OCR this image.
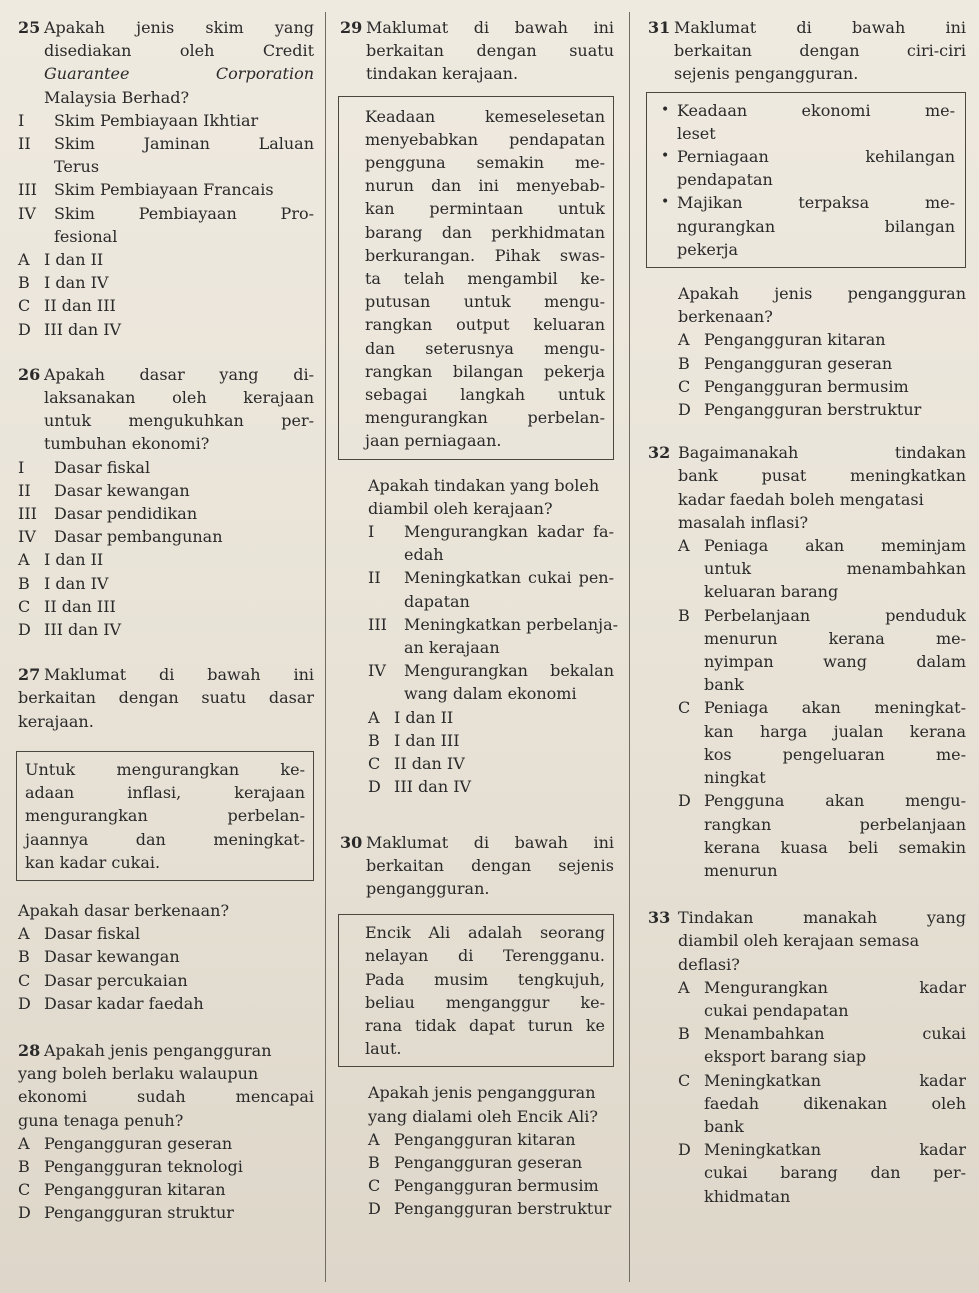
25 Apakah jenis skim yang
disediakan oleh Credit
Guarantee Corporation
Malaysia Berhad?
I Skim Pembiayaan Ikhtiar
II Skim Jaminan Laluan
Terus
III Skim Pembiayaan Francais
IV Skim Pembiayaan Pro-
fesional
A I dan II
B I dan IV
C II dan III
D III dan IV
26 Apakah dasar yang di-
laksanakan oleh kerajaan
untuk mengukuhkan per-
tumbuhan ekonomi?
I Dasar fiskal
II Dasar kewangan
III Dasar pendidikan
IV Dasar pembangunan
A I dan II
B I dan IV
C II dan III
D III dan IV
27 Maklumat di bawah ini
berkaitan dengan suatu dasar
kerajaan.
Untuk mengurangkan ke-
adaan inflasi, kerajaan
mengurangkan perbelan-
jaannya dan meningkat-
kan kadar cukai.
Apakah dasar berkenaan?
A Dasar fiskal
B Dasar kewangan
C Dasar percukaian
D Dasar kadar faedah
28 Apakah jenis pengangguran
yang boleh berlaku walaupun
ekonomi sudah mencapai
guna tenaga penuh?
A Pengangguran geseran
B Pengangguran teknologi
C Pengangguran kitaran
D Pengangguran struktur
29 Maklumat di bawah ini
berkaitan dengan suatu
tindakan kerajaan.
Keadaan kemeselesetan
menyebabkan pendapatan
pengguna semakin me-
nurun dan ini menyebab-
kan permintaan untuk
barang dan perkhidmatan
berkurangan. Pihak swas-
ta telah mengambil ke-
putusan untuk mengu-
rangkan output keluaran
dan seterusnya mengu-
rangkan bilangan pekerja
sebagai langkah untuk
mengurangkan perbelan-
jaan perniagaan.
Apakah tindakan yang boleh
diambil oleh kerajaan?
I Mengurangkan kadar fa-
edah
II Meningkatkan cukai pen-
dapatan
III Meningkatkan perbelanja-
an kerajaan
IV Mengurangkan bekalan
wang dalam ekonomi
A I dan II
B I dan III
C II dan IV
D III dan IV
30 Maklumat di bawah ini
berkaitan dengan sejenis
pengangguran.
Encik Ali adalah seorang
nelayan di Terengganu.
Pada musim tengkujuh,
beliau menganggur ke-
rana tidak dapat turun ke
laut.
Apakah jenis pengangguran
yang dialami oleh Encik Ali?
A Pengangguran kitaran
B Pengangguran geseran
C Pengangguran bermusim
D Pengangguran berstruktur
31 Maklumat di bawah ini
berkaitan dengan ciri-ciri
sejenis pengangguran.
• Keadaan ekonomi me-
leset
• Perniagaan kehilangan
pendapatan
• Majikan terpaksa me-
ngurangkan bilangan
pekerja
Apakah jenis pengangguran
berkenaan?
A Pengangguran kitaran
B Pengangguran geseran
C Pengangguran bermusim
D Pengangguran berstruktur
32 Bagaimanakah tindakan
bank pusat meningkatkan
kadar faedah boleh mengatasi
masalah inflasi?
A Peniaga akan meminjam
untuk menambahkan
keluaran barang
B Perbelanjaan penduduk
menurun kerana me-
nyimpan wang dalam
bank
C Peniaga akan meningkat-
kan harga jualan kerana
kos pengeluaran me-
ningkat
D Pengguna akan mengu-
rangkan perbelanjaan
kerana kuasa beli semakin
menurun
33 Tindakan manakah yang
diambil oleh kerajaan semasa
deflasi?
A Mengurangkan kadar
cukai pendapatan
B Menambahkan cukai
eksport barang siap
C Meningkatkan kadar
faedah dikenakan oleh
bank
D Meningkatkan kadar
cukai barang dan per-
khidmatan
